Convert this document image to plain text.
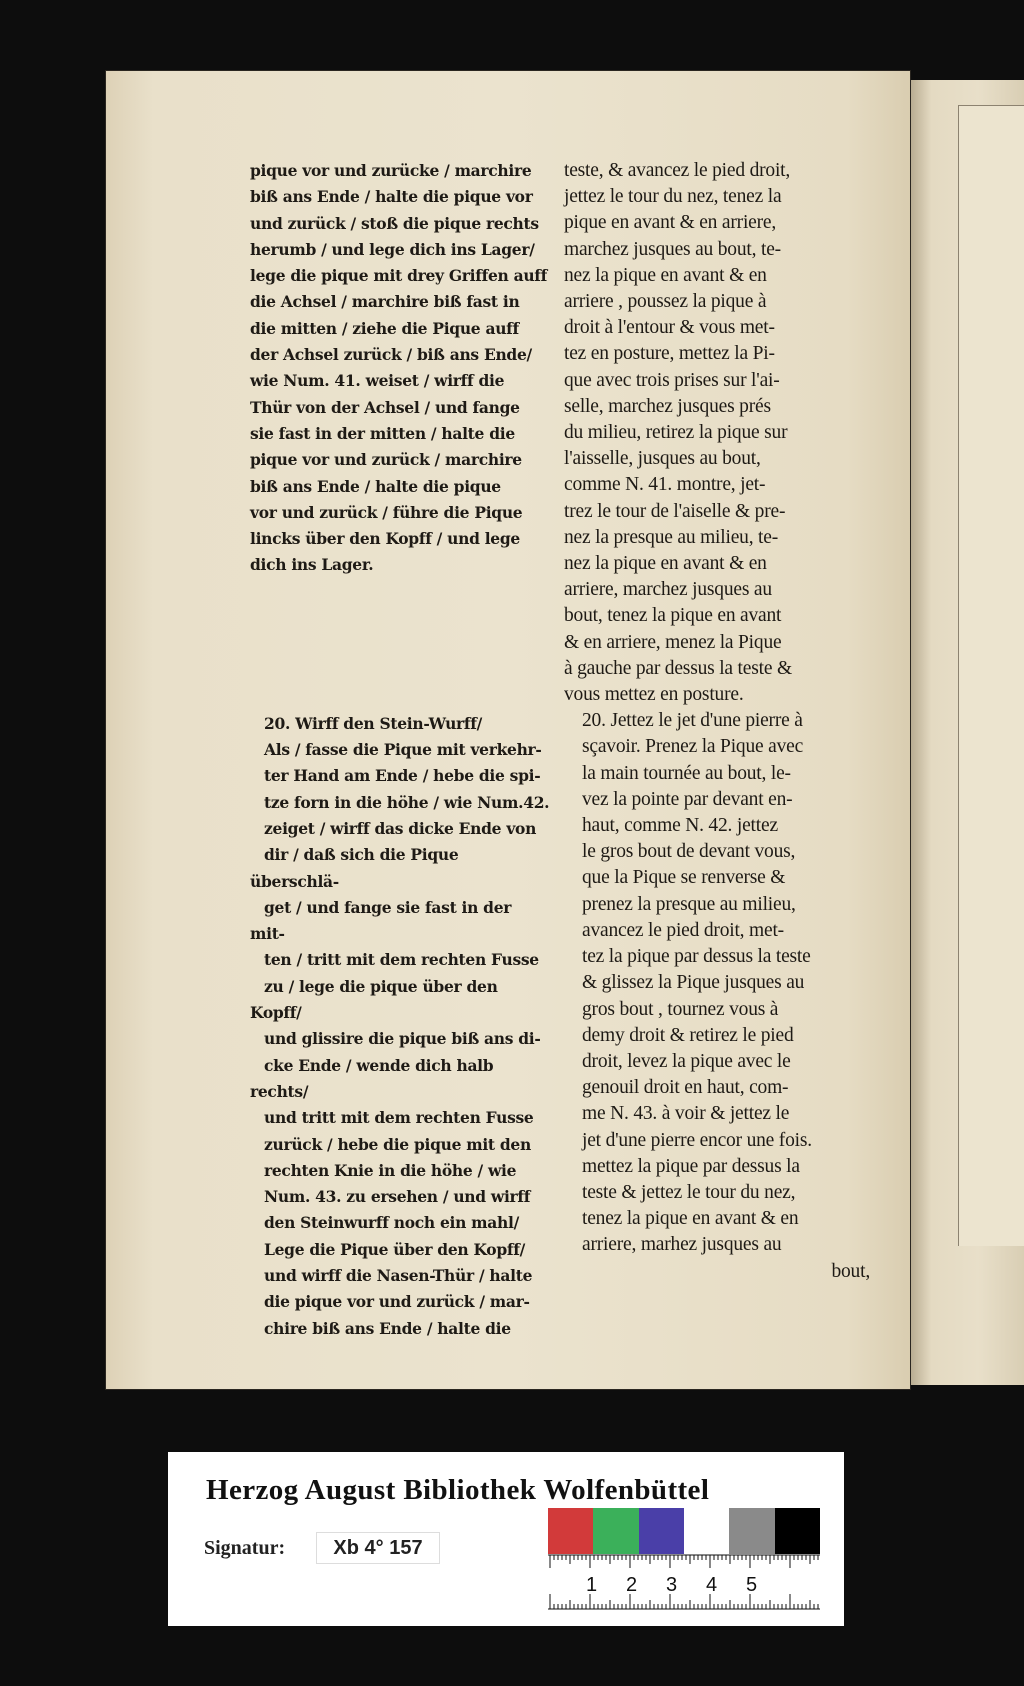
pique vor und zurücke / marchire

biß ans Ende / halte die pique vor

und zurück / stoß die pique rechts

herumb / und lege dich ins Lager/

lege die pique mit drey Griffen auff

die Achsel / marchire biß fast in

die mitten / ziehe die Pique auff

der Achsel zurück / biß ans Ende/

wie Num. 41. weiset / wirff die

Thür von der Achsel / und fange

sie fast in der mitten / halte die

pique vor und zurück / marchire

biß ans Ende / halte die pique

vor und zurück / führe die Pique

lincks über den Kopff / und lege

dich ins Lager.

20. Wirff den Stein-Wurff/

Als / fasse die Pique mit verkehr-

ter Hand am Ende / hebe die spi-

tze forn in die höhe / wie Num.42.

zeiget / wirff das dicke Ende von

dir / daß sich die Pique überschlä-

get / und fange sie fast in der mit-

ten / tritt mit dem rechten Fusse

zu / lege die pique über den Kopff/

und glissire die pique biß ans di-

cke Ende / wende dich halb rechts/

und tritt mit dem rechten Fusse

zurück / hebe die pique mit den

rechten Knie in die höhe / wie

Num. 43. zu ersehen / und wirff

den Steinwurff noch ein mahl/

Lege die Pique über den Kopff/

und wirff die Nasen-Thür / halte

die pique vor und zurück / mar-

chire biß ans Ende / halte die

teste, & avancez le pied droit,

jettez le tour du nez, tenez la

pique en avant & en arriere,

marchez jusques au bout, te-

nez la pique en avant & en

arriere , poussez la pique à

droit à l'entour & vous met-

tez en posture, mettez la Pi-

que avec trois prises sur l'ai-

selle, marchez jusques prés

du milieu, retirez la pique sur

l'aisselle, jusques au bout,

comme N. 41. montre, jet-

trez le tour de l'aiselle & pre-

nez la presque au milieu, te-

nez la pique en avant & en

arriere, marchez jusques au

bout, tenez la pique en avant

& en arriere, menez la Pique

à gauche par dessus la teste &

vous mettez en posture.

20. Jettez le jet d'une pierre à

sçavoir. Prenez la Pique avec

la main tournée au bout, le-

vez la pointe par devant en-

haut, comme N. 42. jettez

le gros bout de devant vous,

que la Pique se renverse &

prenez la presque au milieu,

avancez le pied droit, met-

tez la pique par dessus la teste

& glissez la Pique jusques au

gros bout , tournez vous à

demy droit & retirez le pied

droit, levez la pique avec le

genouil droit en haut, com-

me N. 43. à voir & jettez le

jet d'une pierre encor une fois.

mettez la pique par dessus la

teste & jettez le tour du nez,

tenez la pique en avant & en

arriere, marhez jusques au

bout,

Herzog August Bibliothek Wolfenbüttel
Signatur:	Xb 4° 157
1 2 3 4 5
